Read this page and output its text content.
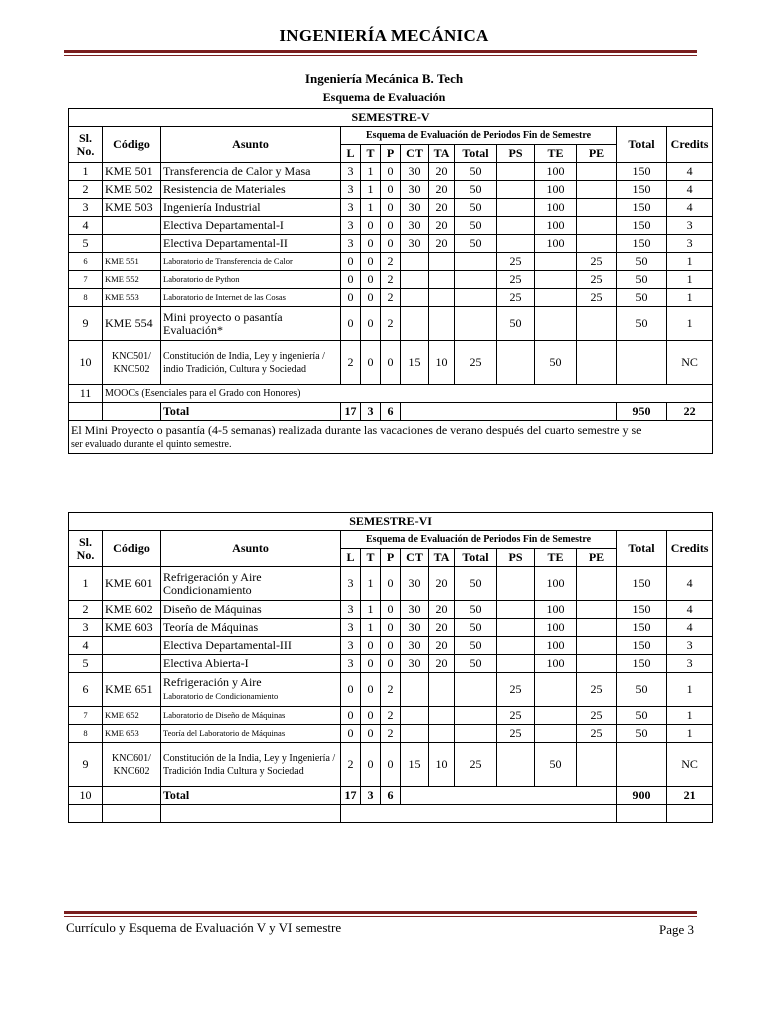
INGENIERÍA MECÁNICA
Ingeniería Mecánica B. Tech
Esquema de Evaluación
SEMESTRE-V													
Sl. No.	Código	Asunto	Esquema de Evaluación de Periodos Fin de Semestre									Total	Credits
			L	T	P	CT	TA	Total	PS	TE	PE		
1	KME 501	Transferencia de Calor y Masa	3	1	0	30	20	50		100		150	4
2	KME 502	Resistencia de Materiales	3	1	0	30	20	50		100		150	4
3	KME 503	Ingeniería Industrial	3	1	0	30	20	50		100		150	4
4		Electiva Departamental-I	3	0	0	30	20	50		100		150	3
5		Electiva Departamental-II	3	0	0	30	20	50		100		150	3
6	KME 551	Laboratorio de Transferencia de Calor	0	0	2				25		25	50	1
7	KME 552	Laboratorio de Python	0	0	2				25		25	50	1
8	KME 553	Laboratorio de Internet de las Cosas	0	0	2				25		25	50	1
9	KME 554	Mini proyecto o pasantía Evaluación*	0	0	2				50			50	1
10	KNC501/ KNC502	Constitución de India, Ley y ingeniería / indio Tradición, Cultura y Sociedad	2	0	0	15	10	25		50			NC
11	MOOCs (Esenciales para el Grado con Honores)												
		Total	17	3	6							950	22
El Mini Proyecto o pasantía (4-5 semanas) realizada durante las vacaciones de verano después del cuarto semestre y se
ser evaluado durante el quinto semestre.													
SEMESTRE-VI													
Sl. No.	Código	Asunto	Esquema de Evaluación de Periodos Fin de Semestre									Total	Credits
			L	T	P	CT	TA	Total	PS	TE	PE		
1	KME 601	Refrigeración y Aire Condicionamiento	3	1	0	30	20	50		100		150	4
2	KME 602	Diseño de Máquinas	3	1	0	30	20	50		100		150	4
3	KME 603	Teoría de Máquinas	3	1	0	30	20	50		100		150	4
4		Electiva Departamental-III	3	0	0	30	20	50		100		150	3
5		Electiva Abierta-I	3	0	0	30	20	50		100		150	3
6	KME 651	Refrigeración y Aire
Laboratorio de Condicionamiento	0	0	2				25		25	50	1
7	KME 652	Laboratorio de Diseño de Máquinas	0	0	2				25		25	50	1
8	KME 653	Teoría del Laboratorio de Máquinas	0	0	2				25		25	50	1
9	KNC601/ KNC602	Constitución de la India, Ley y Ingeniería / Tradición India Cultura y Sociedad	2	0	0	15	10	25		50			NC
10		Total	17	3	6							900	21

Currículo y Esquema de Evaluación V y VI semestre	Page 3
